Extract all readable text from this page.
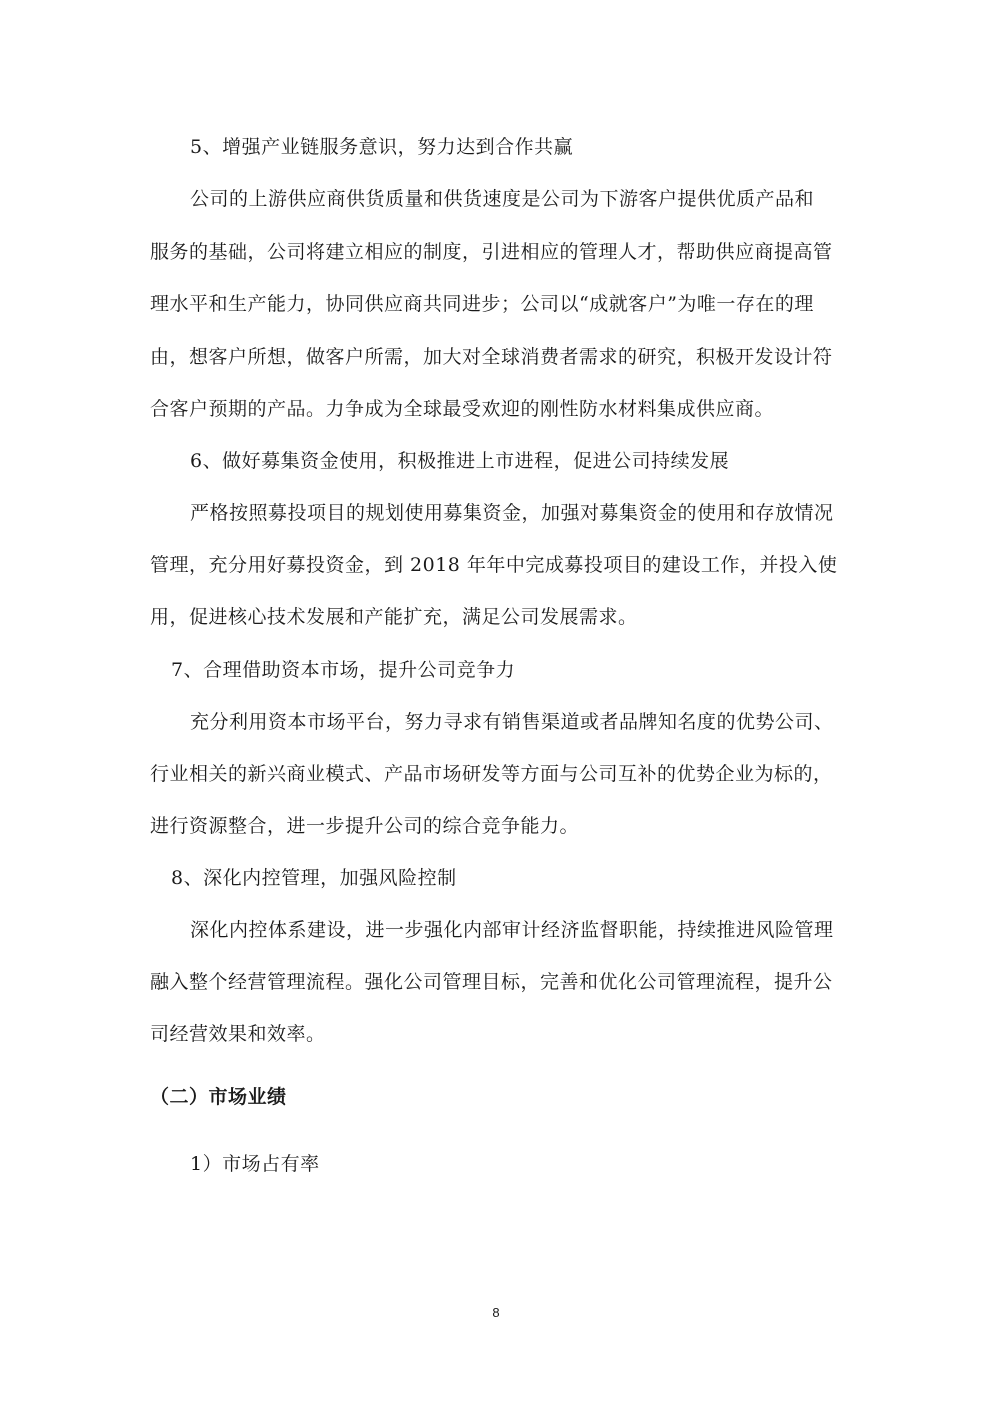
5、增强产业链服务意识，努力达到合作共赢
公司的上游供应商供货质量和供货速度是公司为下游客户提供优质产品和
服务的基础，公司将建立相应的制度，引进相应的管理人才，帮助供应商提高管
理水平和生产能力，协同供应商共同进步；公司以“成就客户”为唯一存在的理
由，想客户所想，做客户所需，加大对全球消费者需求的研究，积极开发设计符
合客户预期的产品。力争成为全球最受欢迎的刚性防水材料集成供应商。
6、做好募集资金使用，积极推进上市进程，促进公司持续发展
严格按照募投项目的规划使用募集资金，加强对募集资金的使用和存放情况
管理，充分用好募投资金，到 2018 年年中完成募投项目的建设工作，并投入使
用，促进核心技术发展和产能扩充，满足公司发展需求。
7、合理借助资本市场，提升公司竞争力
充分利用资本市场平台，努力寻求有销售渠道或者品牌知名度的优势公司、
行业相关的新兴商业模式、产品市场研发等方面与公司互补的优势企业为标的，
进行资源整合，进一步提升公司的综合竞争能力。
8、深化内控管理，加强风险控制
深化内控体系建设，进一步强化内部审计经济监督职能，持续推进风险管理
融入整个经营管理流程。强化公司管理目标，完善和优化公司管理流程，提升公
司经营效果和效率。
（二）市场业绩
1）市场占有率
8
